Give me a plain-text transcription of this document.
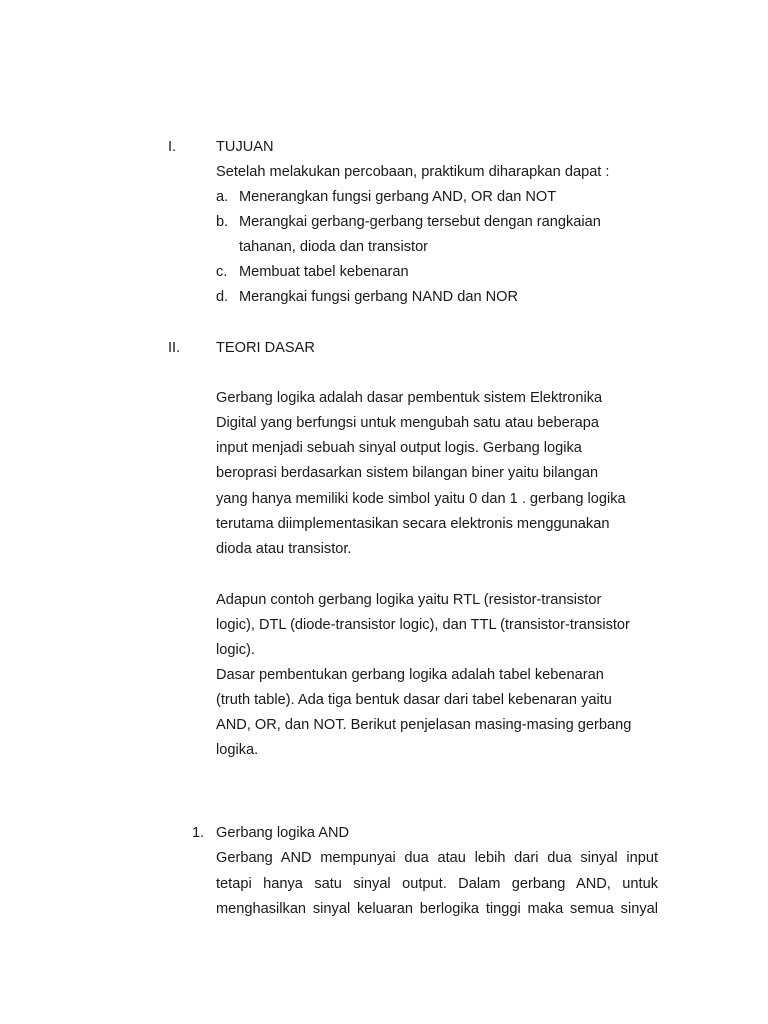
I.	TUJUAN
Setelah melakukan percobaan, praktikum diharapkan dapat :
a. Menerangkan fungsi gerbang AND, OR dan NOT
b. Merangkai gerbang-gerbang tersebut dengan rangkaian
tahanan, dioda dan transistor
c. Membuat tabel kebenaran
d. Merangkai fungsi gerbang NAND dan NOR
II. TEORI DASAR
Gerbang logika adalah dasar pembentuk sistem Elektronika
Digital yang berfungsi untuk mengubah satu atau beberapa
input menjadi sebuah sinyal output logis. Gerbang logika
beroprasi berdasarkan sistem bilangan biner yaitu bilangan
yang hanya memiliki kode simbol yaitu 0 dan 1 . gerbang logika
terutama diimplementasikan secara elektronis menggunakan
dioda atau transistor.
Adapun contoh gerbang logika yaitu RTL (resistor-transistor
logic), DTL (diode-transistor logic), dan TTL (transistor-transistor
logic).
Dasar pembentukan gerbang logika adalah tabel kebenaran
(truth table). Ada tiga bentuk dasar dari tabel kebenaran yaitu
AND, OR, dan NOT. Berikut penjelasan masing-masing gerbang
logika.
1. Gerbang logika AND
Gerbang AND mempunyai dua atau lebih dari dua sinyal input
tetapi hanya satu sinyal output. Dalam gerbang AND, untuk
menghasilkan sinyal keluaran berlogika tinggi maka semua sinyal
